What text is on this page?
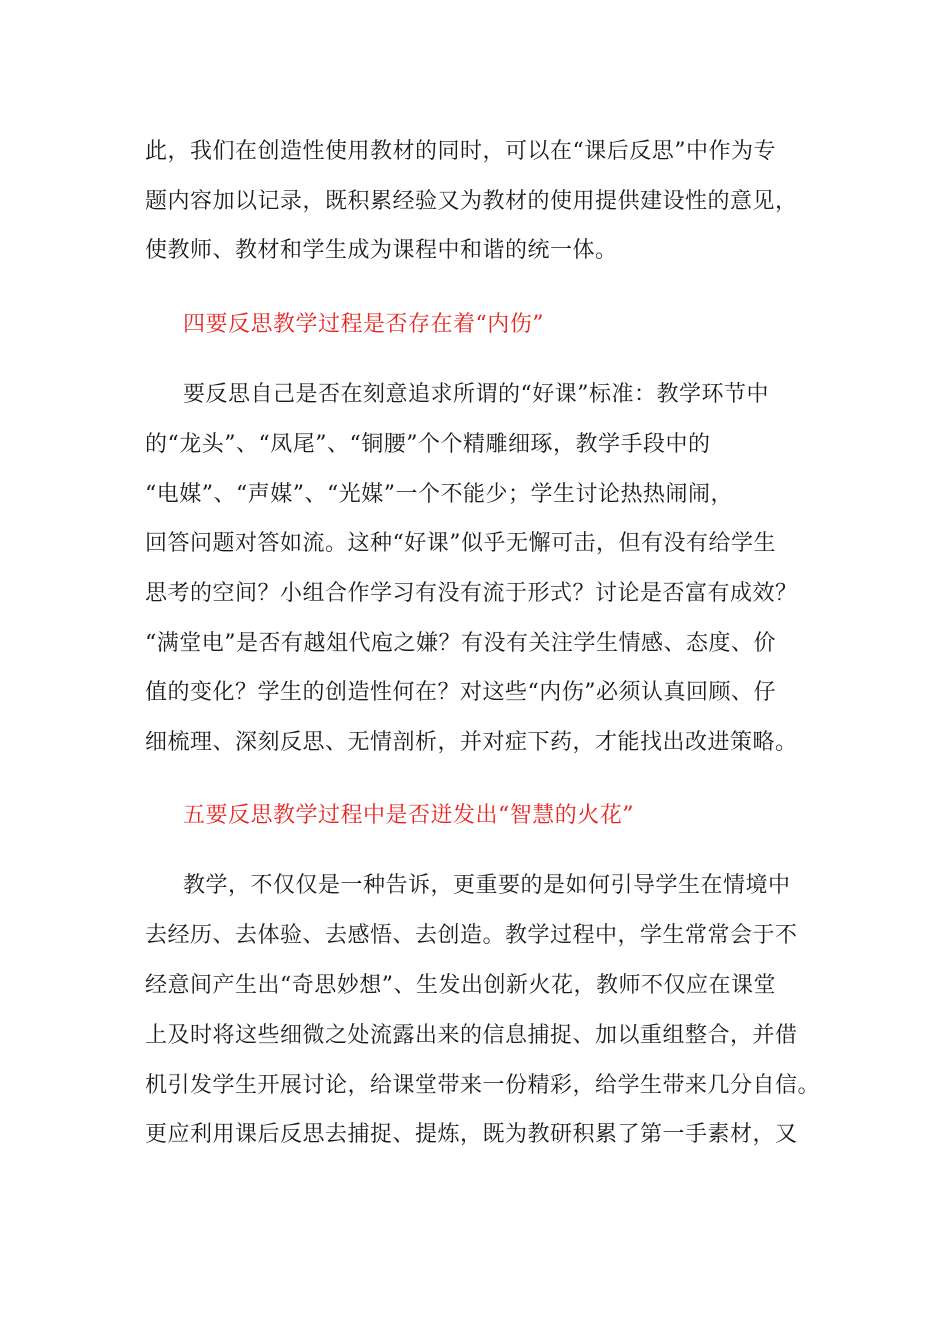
此，我们在创造性使用教材的同时，可以在“课后反思”中作为专
题内容加以记录，既积累经验又为教材的使用提供建设性的意见，
使教师、教材和学生成为课程中和谐的统一体。
四要反思教学过程是否存在着“内伤”
要反思自己是否在刻意追求所谓的“好课”标准：教学环节中
的“龙头”、“凤尾”、“铜腰”个个精雕细琢，教学手段中的
“电媒”、“声媒”、“光媒”一个不能少；学生讨论热热闹闹，
回答问题对答如流。这种“好课”似乎无懈可击，但有没有给学生
思考的空间？小组合作学习有没有流于形式？讨论是否富有成效？
“满堂电”是否有越俎代庖之嫌？有没有关注学生情感、态度、价
值的变化？学生的创造性何在？对这些“内伤”必须认真回顾、仔
细梳理、深刻反思、无情剖析，并对症下药，才能找出改进策略。
五要反思教学过程中是否迸发出“智慧的火花”
教学，不仅仅是一种告诉，更重要的是如何引导学生在情境中
去经历、去体验、去感悟、去创造。教学过程中，学生常常会于不
经意间产生出“奇思妙想”、生发出创新火花，教师不仅应在课堂
上及时将这些细微之处流露出来的信息捕捉、加以重组整合，并借
机引发学生开展讨论，给课堂带来一份精彩，给学生带来几分自信。
更应利用课后反思去捕捉、提炼，既为教研积累了第一手素材，又
